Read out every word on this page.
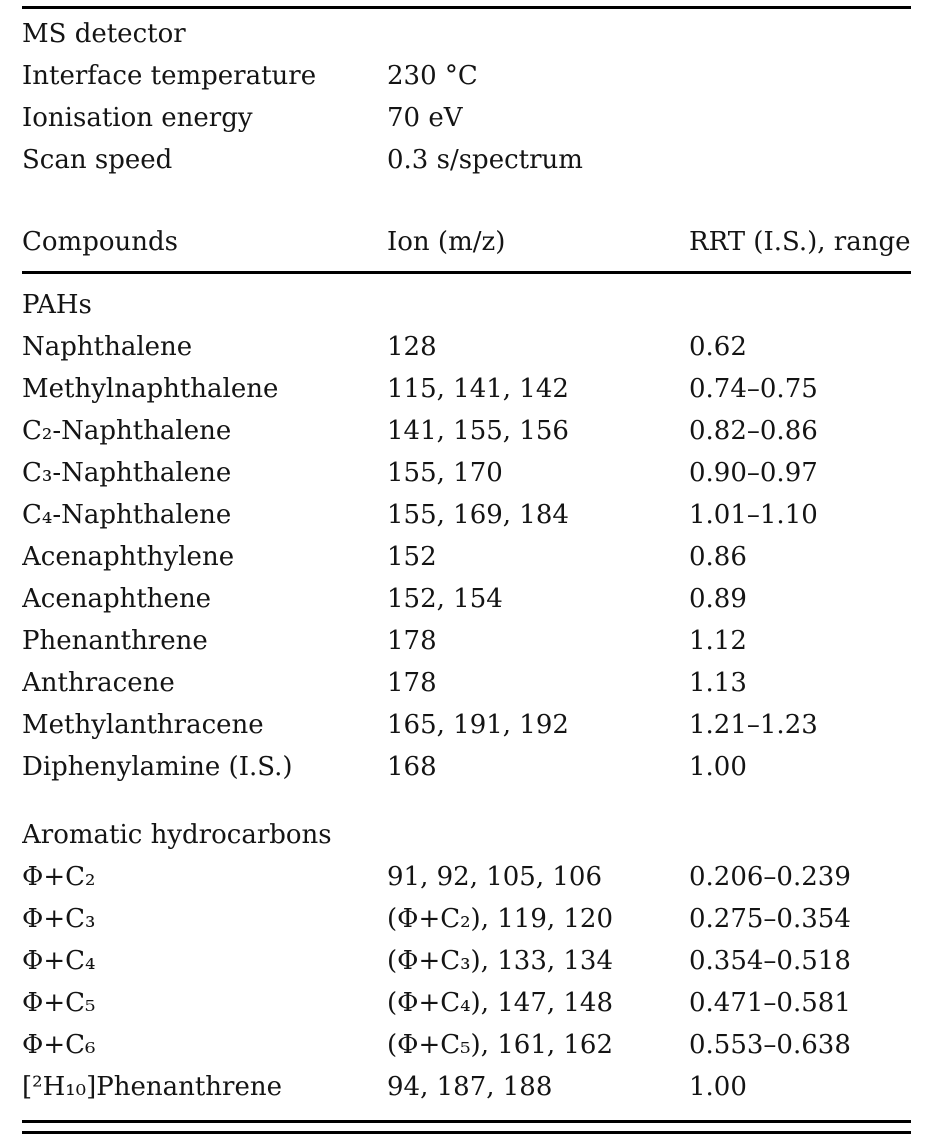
MS detector
Interface temperature	230 °C
Ionisation energy	70 eV
Scan speed	0.3 s/spectrum
Compounds	Ion (m/z)	RRT (I.S.), range
PAHs
Naphthalene	128	0.62
Methylnaphthalene	115, 141, 142	0.74–0.75
C₂-Naphthalene	141, 155, 156	0.82–0.86
C₃-Naphthalene	155, 170	0.90–0.97
C₄-Naphthalene	155, 169, 184	1.01–1.10
Acenaphthylene	152	0.86
Acenaphthene	152, 154	0.89
Phenanthrene	178	1.12
Anthracene	178	1.13
Methylanthracene	165, 191, 192	1.21–1.23
Diphenylamine (I.S.)	168	1.00
Aromatic hydrocarbons
Φ+C₂	91, 92, 105, 106	0.206–0.239
Φ+C₃	(Φ+C₂), 119, 120	0.275–0.354
Φ+C₄	(Φ+C₃), 133, 134	0.354–0.518
Φ+C₅	(Φ+C₄), 147, 148	0.471–0.581
Φ+C₆	(Φ+C₅), 161, 162	0.553–0.638
[²H₁₀]Phenanthrene	94, 187, 188	1.00
